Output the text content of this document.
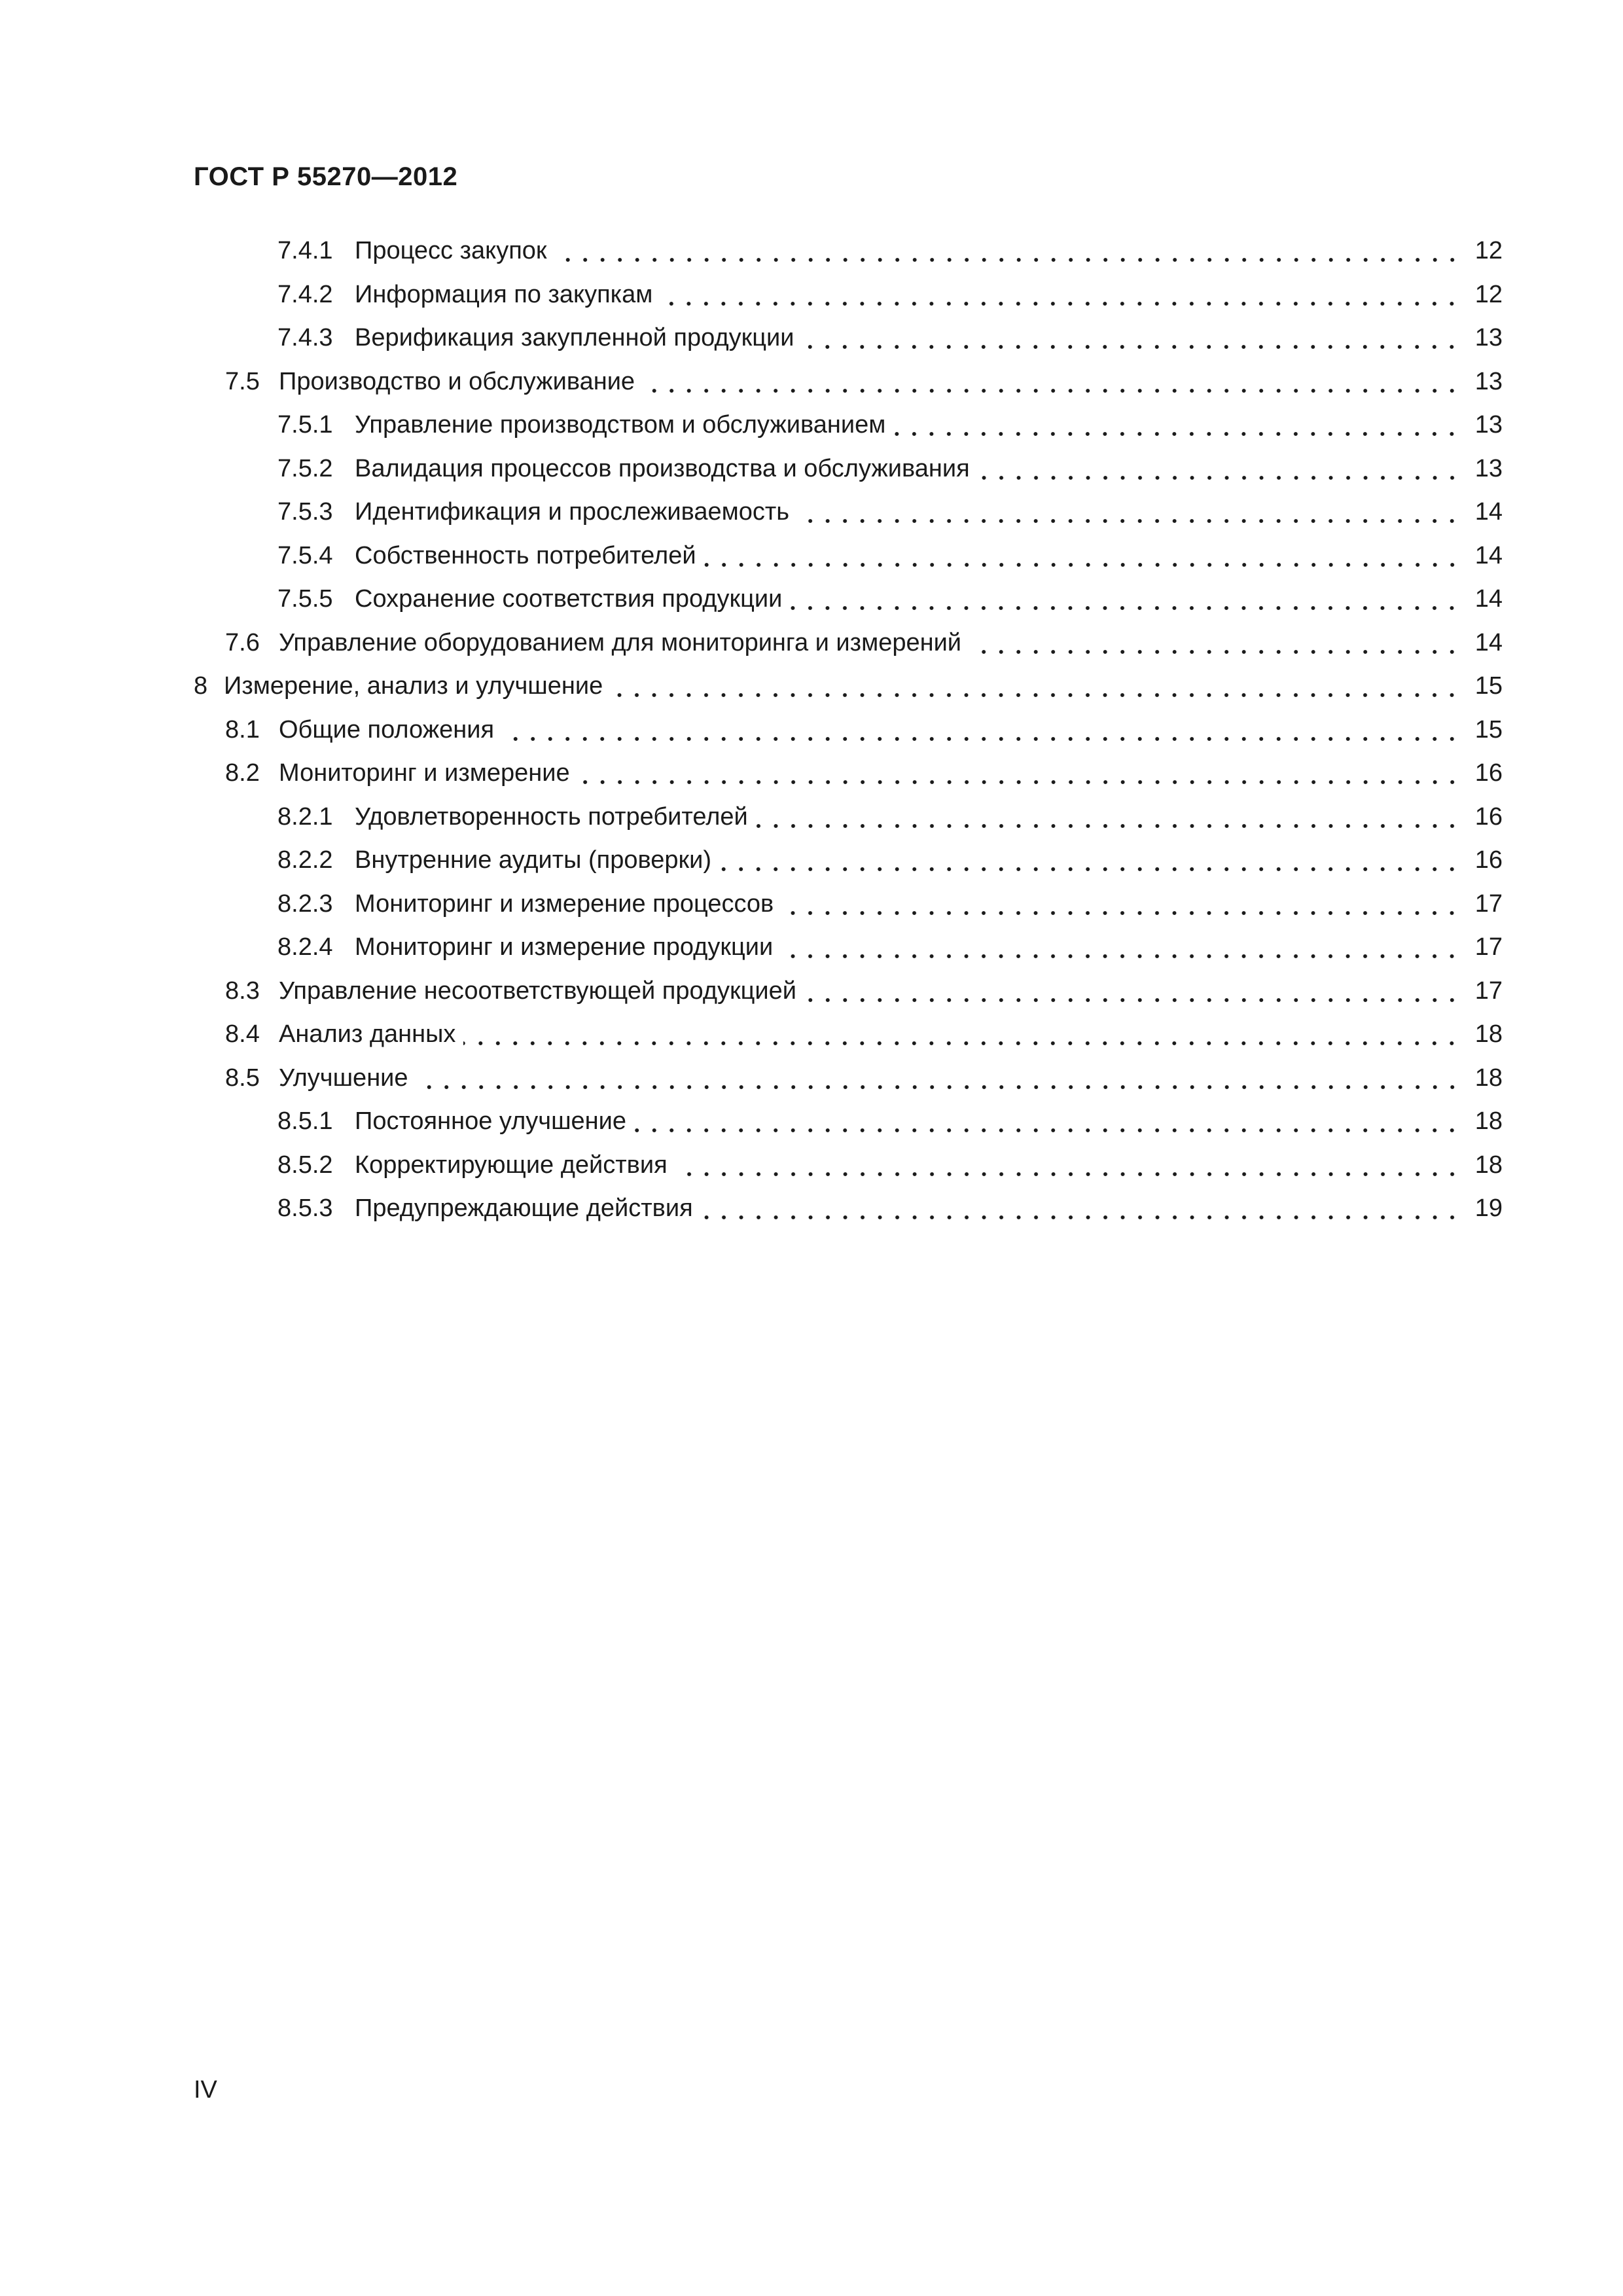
ГОСТ Р 55270—2012
7.4.1 Процесс закупок	12
7.4.2 Информация по закупкам	12
7.4.3 Верификация закупленной продукции	13
7.5 Производство и обслуживание	13
7.5.1 Управление производством и обслуживанием	13
7.5.2 Валидация процессов производства и обслуживания	13
7.5.3 Идентификация и прослеживаемость	14
7.5.4 Собственность потребителей	14
7.5.5 Сохранение соответствия продукции	14
7.6 Управление оборудованием для мониторинга и измерений	14
8 Измерение, анализ и улучшение	15
8.1 Общие положения	15
8.2 Мониторинг и измерение	16
8.2.1 Удовлетворенность потребителей	16
8.2.2 Внутренние аудиты (проверки)	16
8.2.3 Мониторинг и измерение процессов	17
8.2.4 Мониторинг и измерение продукции	17
8.3 Управление несоответствующей продукцией	17
8.4 Анализ данных	18
8.5 Улучшение	18
8.5.1 Постоянное улучшение	18
8.5.2 Корректирующие действия	18
8.5.3 Предупреждающие действия	19
IV
